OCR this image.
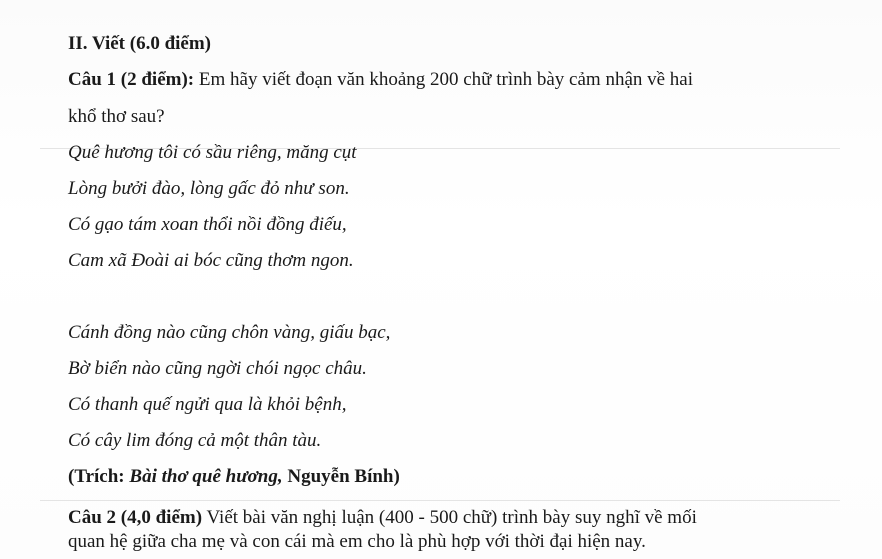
II. Viết (6.0 điểm)
Câu 1 (2 điểm): Em hãy viết đoạn văn khoảng 200 chữ trình bày cảm nhận về hai
khổ thơ sau?
Quê hương tôi có sầu riêng, măng cụt
Lòng bưởi đào, lòng gấc đỏ như son.
Có gạo tám xoan thổi nồi đồng điếu,
Cam xã Đoài ai bóc cũng thơm ngon.
Cánh đồng nào cũng chôn vàng, giấu bạc,
Bờ biển nào cũng ngời chói ngọc châu.
Có thanh quế ngửi qua là khỏi bệnh,
Có cây lim đóng cả một thân tàu.
(Trích: Bài thơ quê hương, Nguyễn Bính)
Câu 2 (4,0 điểm) Viết bài văn nghị luận (400 - 500 chữ) trình bày suy nghĩ về mối
quan hệ giữa cha mẹ và con cái mà em cho là phù hợp với thời đại hiện nay.
